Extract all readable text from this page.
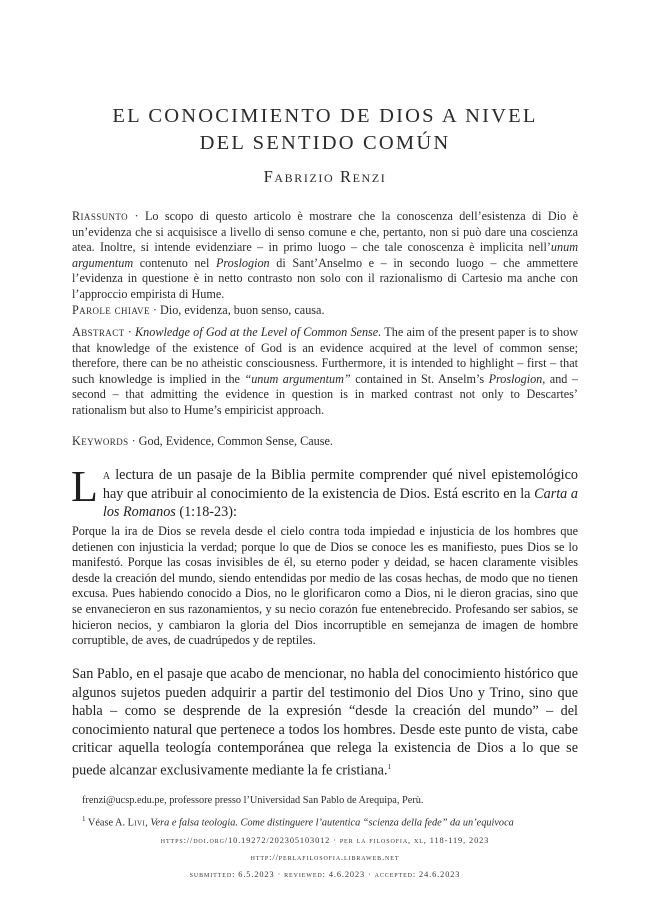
EL CONOCIMIENTO DE DIOS A NIVEL
DEL SENTIDO COMÚN
Fabrizio Renzi
Riassunto · Lo scopo di questo articolo è mostrare che la conoscenza dell’esistenza di Dio è un’evidenza che si acquisisce a livello di senso comune e che, pertanto, non si può dare una coscienza atea. Inoltre, si intende evidenziare – in primo luogo – che tale conoscenza è implicita nell’unum argumentum contenuto nel Proslogion di Sant’Anselmo e – in secondo luogo – che ammettere l’evidenza in questione è in netto contrasto non solo con il razionalismo di Cartesio ma anche con l’approccio empirista di Hume.
Parole chiave · Dio, evidenza, buon senso, causa.
Abstract · Knowledge of God at the Level of Common Sense. The aim of the present paper is to show that knowledge of the existence of God is an evidence acquired at the level of common sense; therefore, there can be no atheistic consciousness. Furthermore, it is intended to highlight – first – that such knowledge is implied in the “unum argumentum” contained in St. Anselm’s Proslogion, and – second – that admitting the evidence in question is in marked contrast not only to Descartes’ rationalism but also to Hume’s empiricist approach.
Keywords · God, Evidence, Common Sense, Cause.
La lectura de un pasaje de la Biblia permite comprender qué nivel epistemológico hay que atribuir al conocimiento de la existencia de Dios. Está escrito en la Carta a los Romanos (1:18-23):
Porque la ira de Dios se revela desde el cielo contra toda impiedad e injusticia de los hombres que detienen con injusticia la verdad; porque lo que de Dios se conoce les es manifiesto, pues Dios se lo manifestó. Porque las cosas invisibles de él, su eterno poder y deidad, se hacen claramente visibles desde la creación del mundo, siendo entendidas por medio de las cosas hechas, de modo que no tienen excusa. Pues habiendo conocido a Dios, no le glorificaron como a Dios, ni le dieron gracias, sino que se envanecieron en sus razonamientos, y su necio corazón fue entenebrecido. Profesando ser sabios, se hicieron necios, y cambiaron la gloria del Dios incorruptible en semejanza de imagen de hombre corruptible, de aves, de cuadrúpedos y de reptiles.
San Pablo, en el pasaje que acabo de mencionar, no habla del conocimiento histórico que algunos sujetos pueden adquirir a partir del testimonio del Dios Uno y Trino, sino que habla – como se desprende de la expresión “desde la creación del mundo” – del conocimiento natural que pertenece a todos los hombres. Desde este punto de vista, cabe criticar aquella teología contemporánea que relega la existencia de Dios a lo que se puede alcanzar exclusivamente mediante la fe cristiana.$^1$
frenzi@ucsp.edu.pe, professore presso l’Universidad San Pablo de Arequipa, Perù.
$^1$ Véase A. Livi, Vera e falsa teologia. Come distinguere l’autentica “scienza della fede” da un’equivoca
https://doi.org/10.19272/202305103012 · per la filosofia, xl, 118-119, 2023
http://perlafilosofia.libraweb.net
submitted: 6.5.2023 · reviewed: 4.6.2023 · accepted: 24.6.2023
